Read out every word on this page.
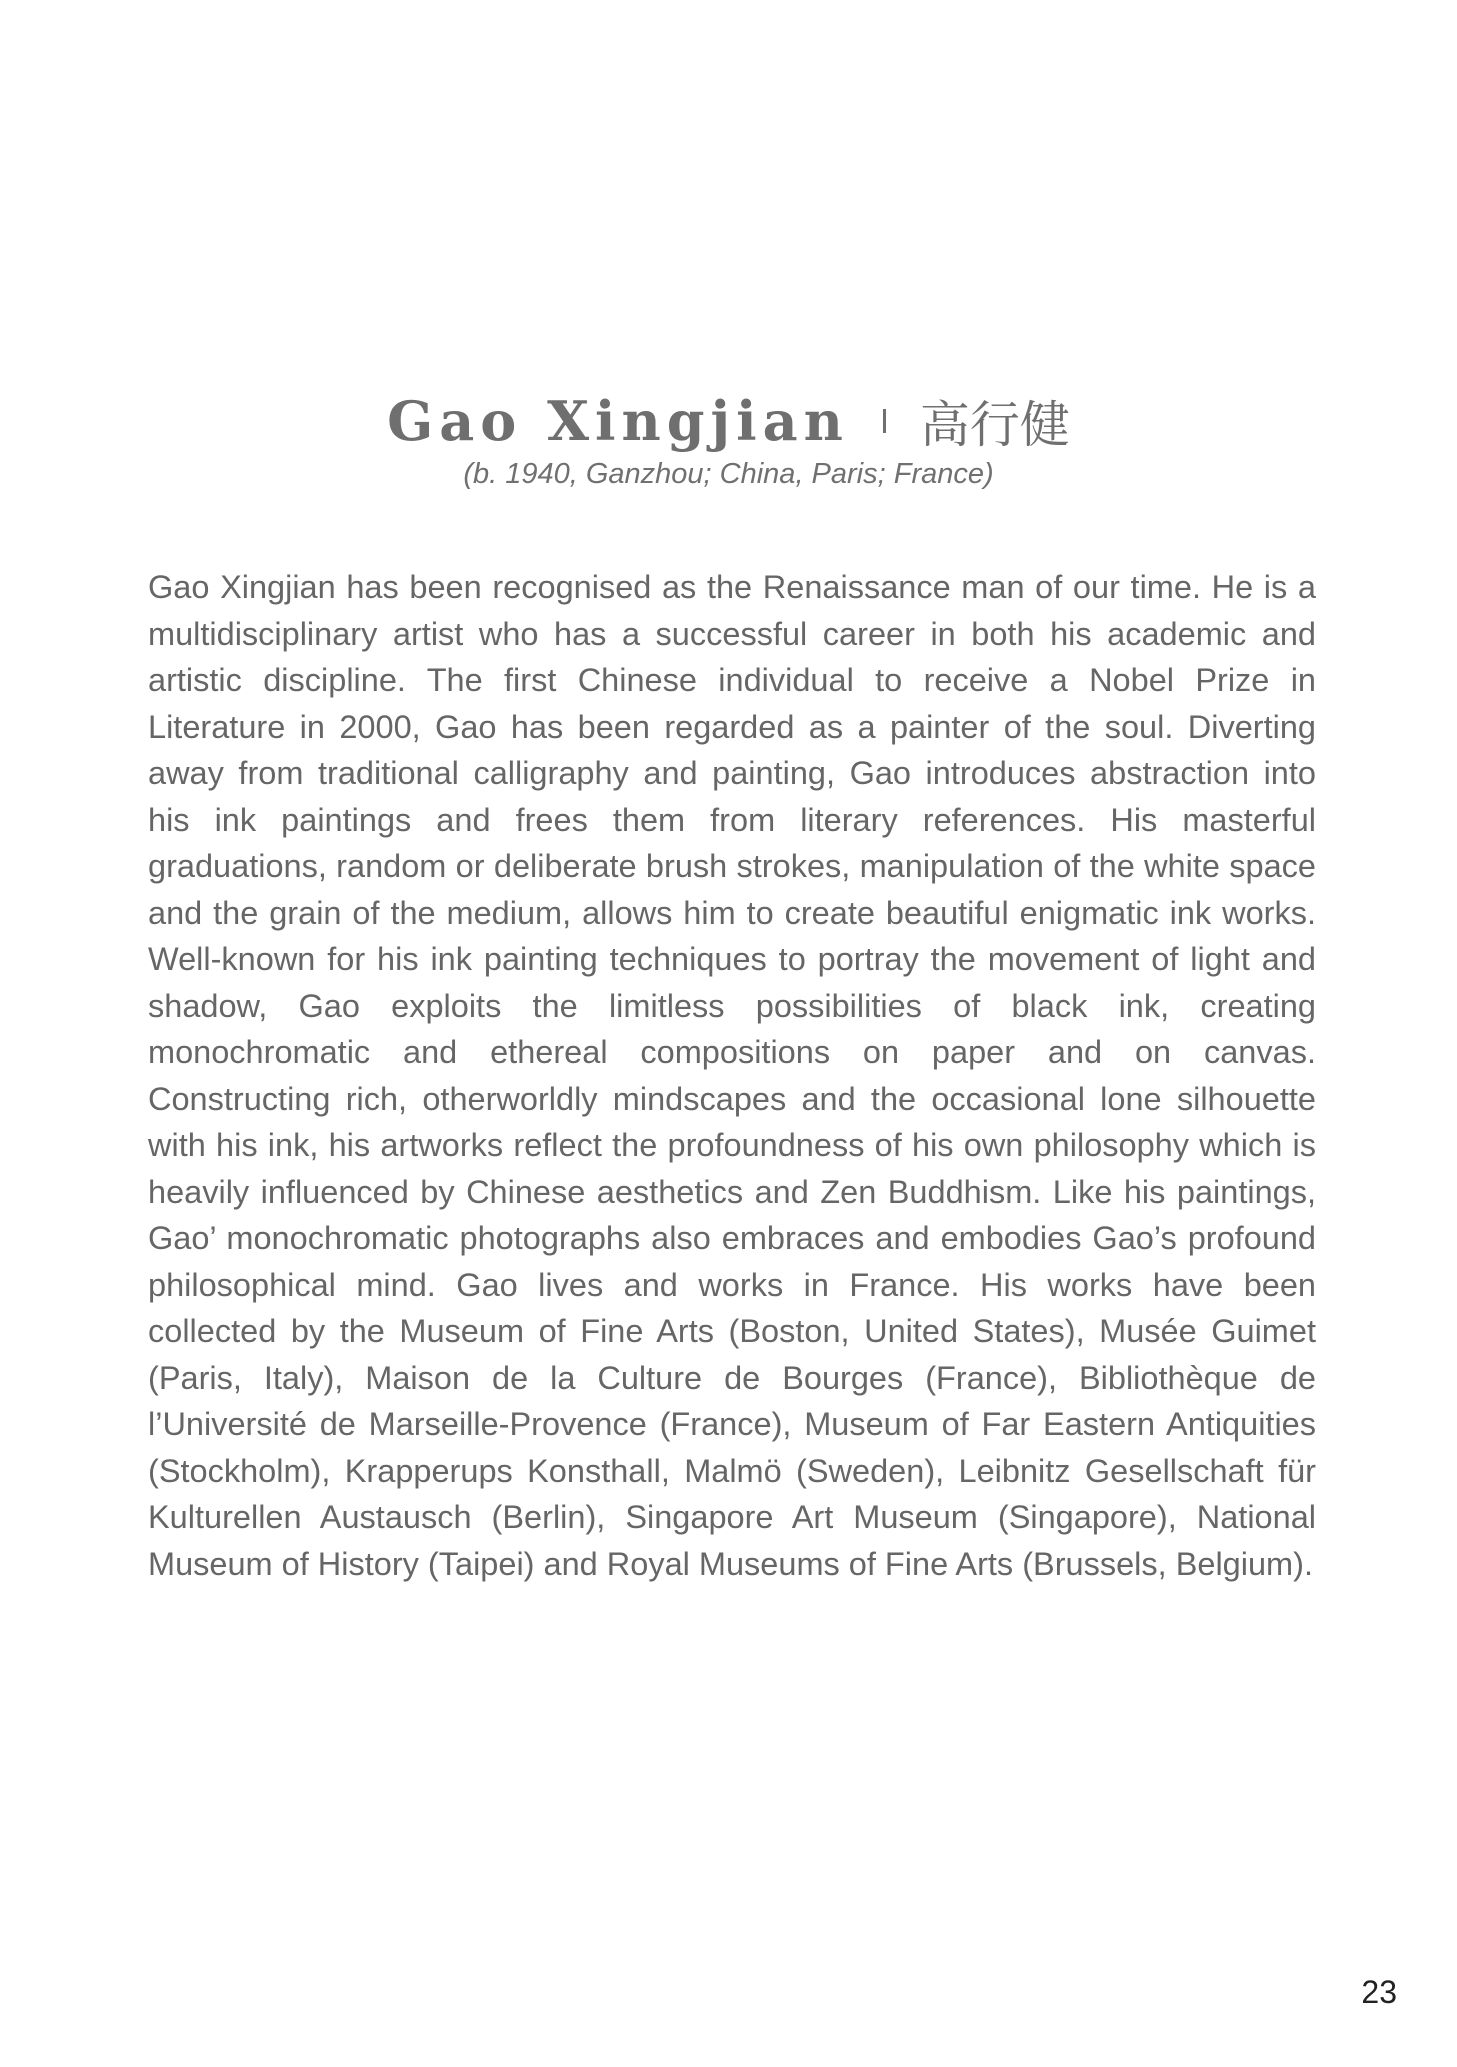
Gao Xingjian 高行健
(b. 1940, Ganzhou; China, Paris; France)

Gao Xingjian has been recognised as the Renaissance man of our time. He is a multidisciplinary artist who has a successful career in both his academic and artistic discipline. The first Chinese individual to receive a Nobel Prize in Literature in 2000, Gao has been regarded as a painter of the soul. Diverting away from traditional calligraphy and painting, Gao introduces abstraction into his ink paintings and frees them from literary references. His masterful graduations, random or deliberate brush strokes, manipulation of the white space and the grain of the medium, allows him to create beautiful enigmatic ink works. Well-known for his ink painting techniques to portray the movement of light and shadow, Gao exploits the limitless possibilities of black ink, creating monochromatic and ethereal compositions on paper and on canvas. Constructing rich, otherworldly mindscapes and the occasional lone silhouette with his ink, his artworks reflect the profoundness of his own philosophy which is heavily influenced by Chinese aesthetics and Zen Buddhism. Like his paintings, Gao’ monochromatic photographs also embraces and embodies Gao’s profound philosophical mind. Gao lives and works in France. His works have been collected by the Museum of Fine Arts (Boston, United States), Musée Guimet (Paris, Italy), Maison de la Culture de Bourges (France), Bibliothèque de l’Université de Marseille-Provence (France), Museum of Far Eastern Antiquities (Stockholm), Krapperups Konsthall, Malmö (Sweden), Leibnitz Gesellschaft für Kulturellen Austausch (Berlin), Singapore Art Museum (Singapore), National Museum of History (Taipei) and Royal Museums of Fine Arts (Brussels, Belgium).

23
